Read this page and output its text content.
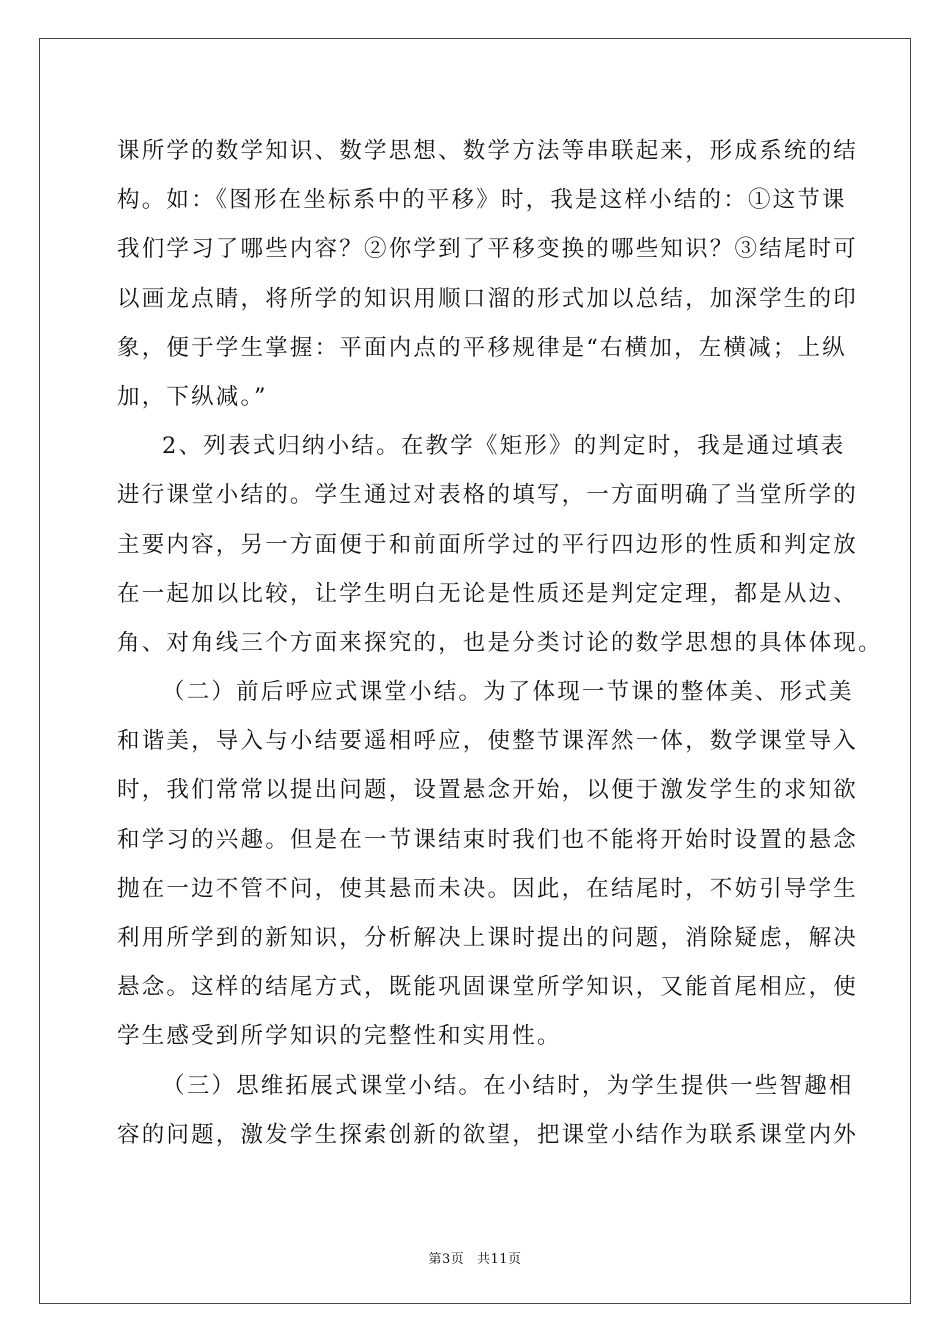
课所学的数学知识、数学思想、数学方法等串联起来，形成系统的结
构。如：《图形在坐标系中的平移》时，我是这样小结的：①这节课
我们学习了哪些内容？②你学到了平移变换的哪些知识？③结尾时可
以画龙点睛，将所学的知识用顺口溜的形式加以总结，加深学生的印
象，便于学生掌握：平面内点的平移规律是“右横加，左横减；上纵
加，下纵减。”
2、列表式归纳小结。在教学《矩形》的判定时，我是通过填表
进行课堂小结的。学生通过对表格的填写，一方面明确了当堂所学的
主要内容，另一方面便于和前面所学过的平行四边形的性质和判定放
在一起加以比较，让学生明白无论是性质还是判定定理，都是从边、
角、对角线三个方面来探究的，也是分类讨论的数学思想的具体体现。
（二）前后呼应式课堂小结。为了体现一节课的整体美、形式美
和谐美，导入与小结要遥相呼应，使整节课浑然一体，数学课堂导入
时，我们常常以提出问题，设置悬念开始，以便于激发学生的求知欲
和学习的兴趣。但是在一节课结束时我们也不能将开始时设置的悬念
抛在一边不管不问，使其悬而未决。因此，在结尾时，不妨引导学生
利用所学到的新知识，分析解决上课时提出的问题，消除疑虑，解决
悬念。这样的结尾方式，既能巩固课堂所学知识，又能首尾相应，使
学生感受到所学知识的完整性和实用性。
（三）思维拓展式课堂小结。在小结时，为学生提供一些智趣相
容的问题，激发学生探索创新的欲望，把课堂小结作为联系课堂内外
第3页 共11页
